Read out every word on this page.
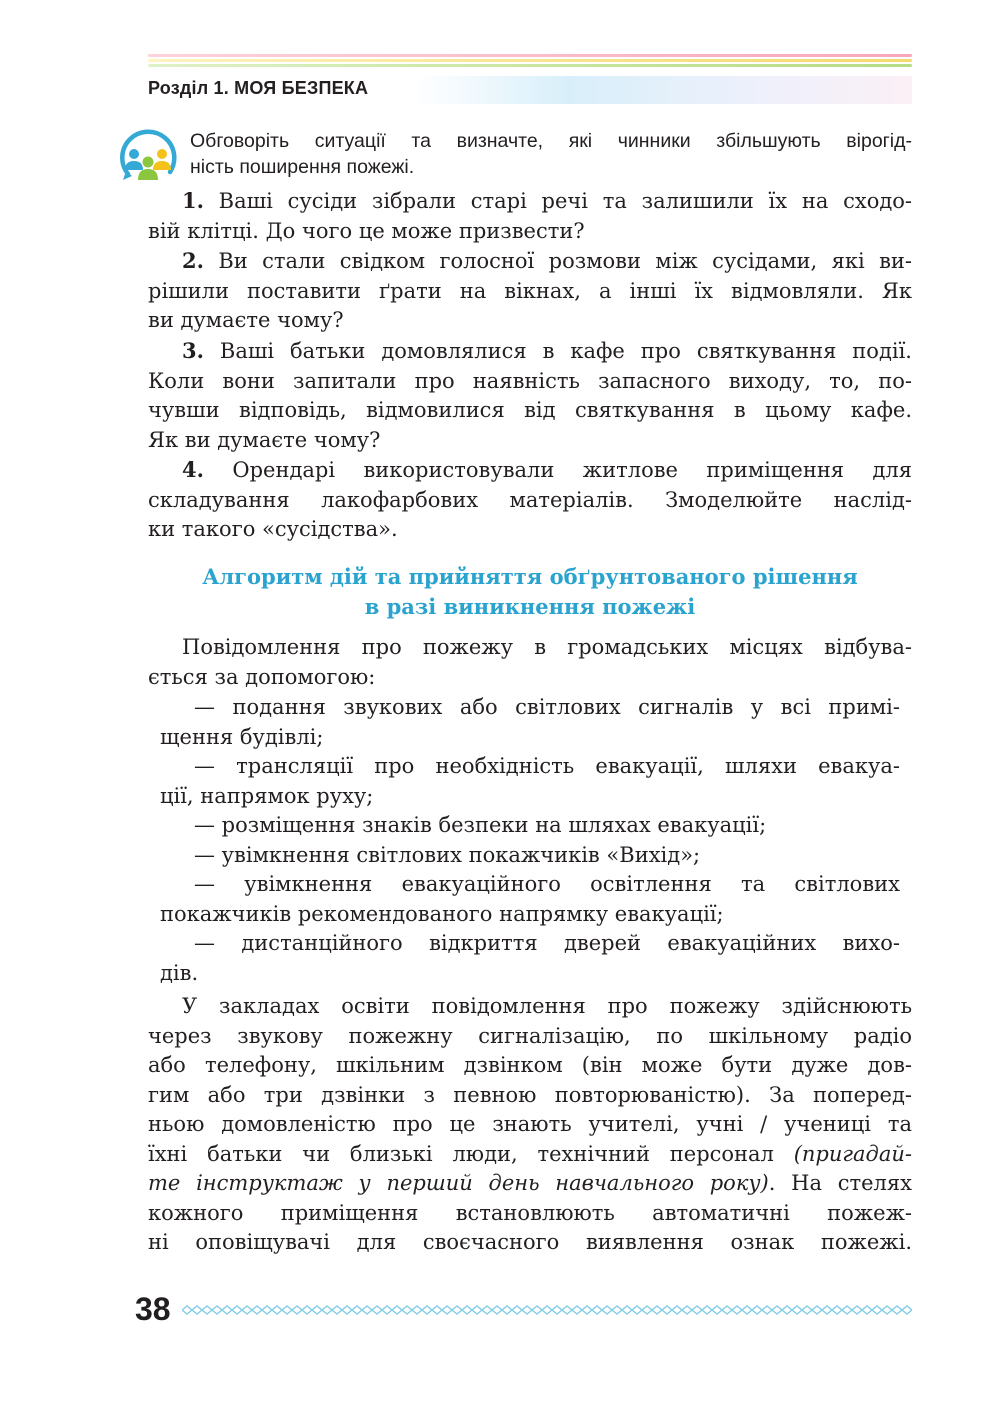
Розділ 1. МОЯ БЕЗПЕКА
Обговоріть ситуації та визначте, які чинники збільшують вірогід-
ність поширення пожежі.
1. Ваші сусіди зібрали старі речі та залишили їх на сходо-
вій клітці. До чого це може призвести?
2. Ви стали свідком голосної розмови між сусідами, які ви-
рішили поставити ґрати на вікнах, а інші їх відмовляли. Як
ви думаєте чому?
3. Ваші батьки домовлялися в кафе про святкування події.
Коли вони запитали про наявність запасного виходу, то, по-
чувши відповідь, відмовилися від святкування в цьому кафе.
Як ви думаєте чому?
4. Орендарі використовували житлове приміщення для
складування лакофарбових матеріалів. Змоделюйте наслід-
ки такого «сусідства».
Алгоритм дій та прийняття обґрунтованого рішення
в разі виникнення пожежі
Повідомлення про пожежу в громадських місцях відбува-
ється за допомогою:
— подання звукових або світлових сигналів у всі примі-
щення будівлі;
— трансляції про необхідність евакуації, шляхи евакуа-
ції, напрямок руху;
— розміщення знаків безпеки на шляхах евакуації;
— увімкнення світлових покажчиків «Вихід»;
— увімкнення евакуаційного освітлення та світлових
покажчиків рекомендованого напрямку евакуації;
— дистанційного відкриття дверей евакуаційних вихо-
дів.
У закладах освіти повідомлення про пожежу здійснюють
через звукову пожежну сигналізацію, по шкільному радіо
або телефону, шкільним дзвінком (він може бути дуже дов-
гим або три дзвінки з певною повторюваністю). За поперед-
ньою домовленістю про це знають учителі, учні / учениці та
їхні батьки чи близькі люди, технічний персонал (пригадай-
те інструктаж у перший день навчального року). На стелях
кожного приміщення встановлюють автоматичні пожеж-
ні оповіщувачі для своєчасного виявлення ознак пожежі.
38
